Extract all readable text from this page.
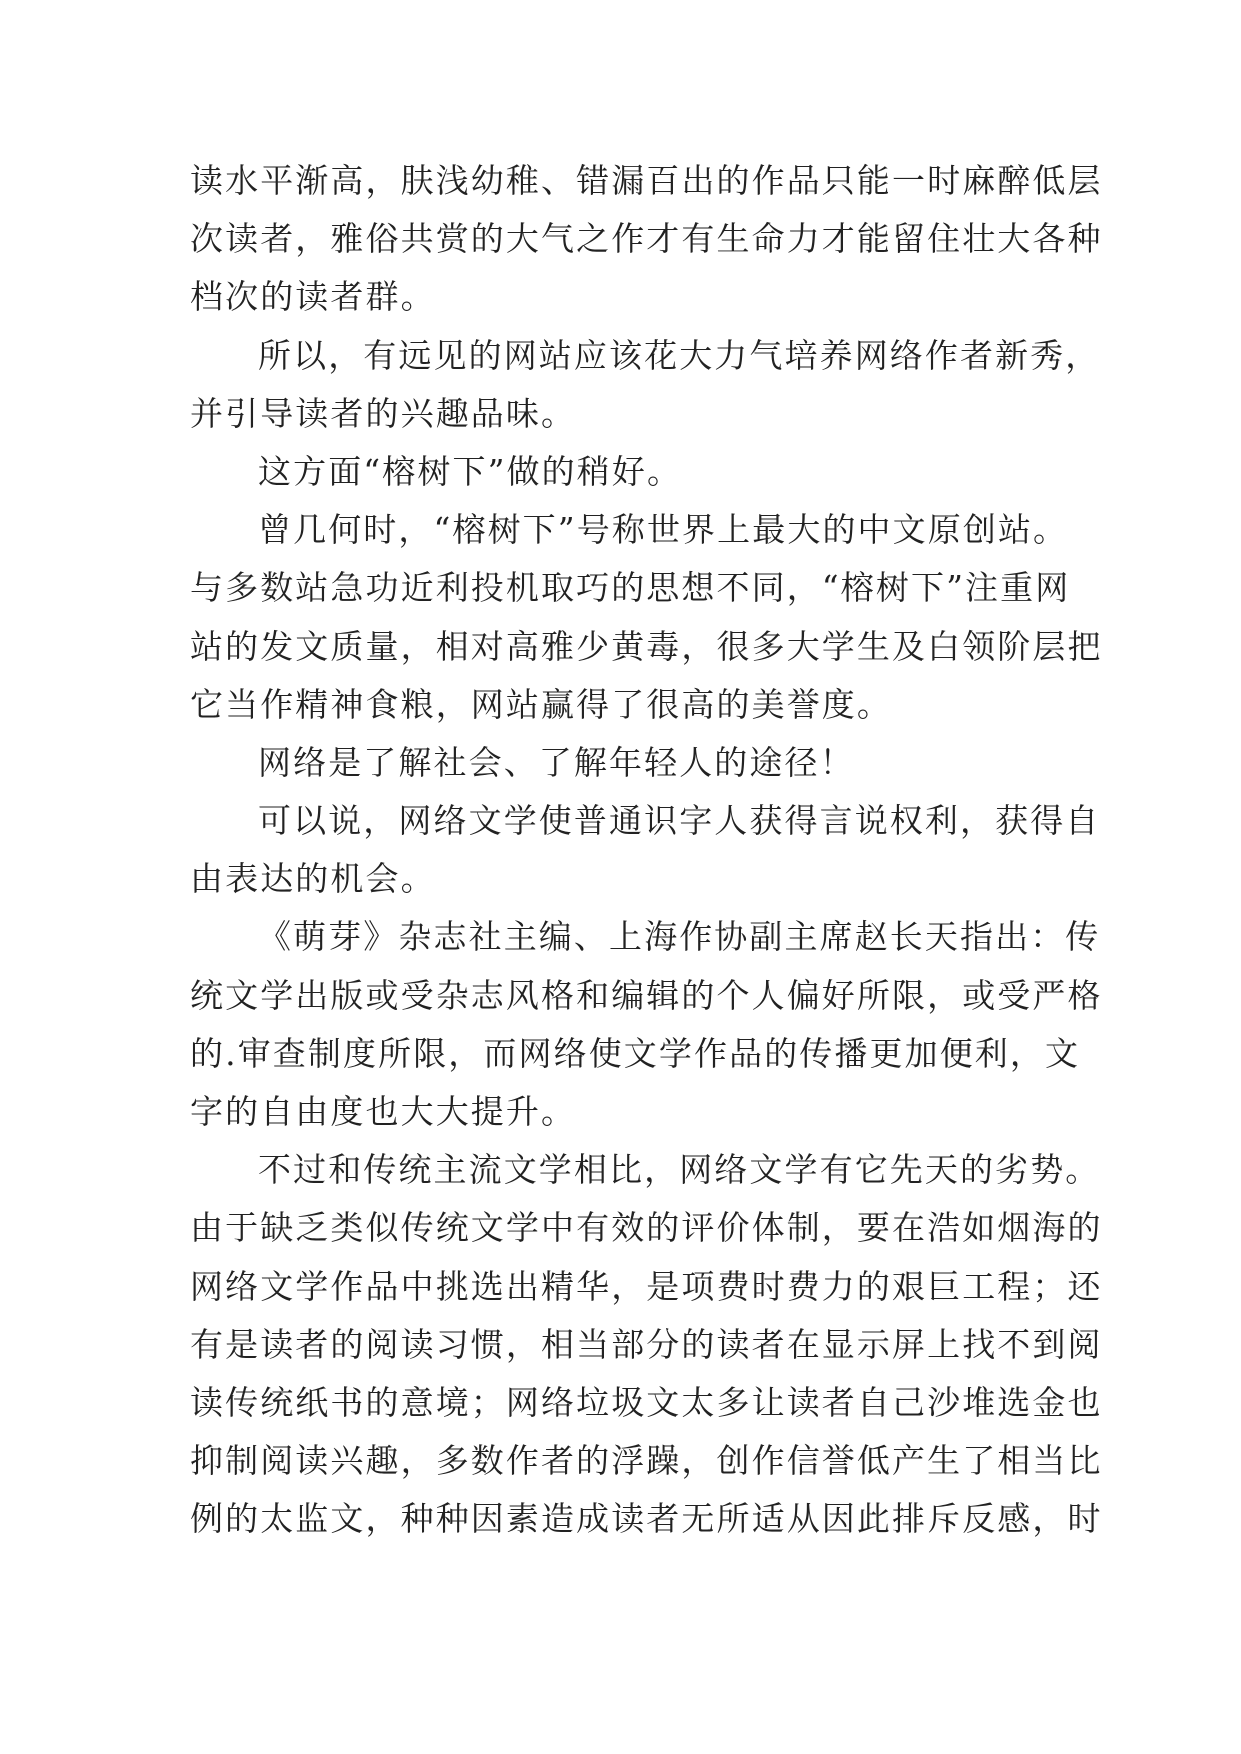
读水平渐高，肤浅幼稚、错漏百出的作品只能一时麻醉低层
次读者，雅俗共赏的大气之作才有生命力才能留住壮大各种
档次的读者群。
所以，有远见的网站应该花大力气培养网络作者新秀，
并引导读者的兴趣品味。
这方面“榕树下”做的稍好。
曾几何时，“榕树下”号称世界上最大的中文原创站。
与多数站急功近利投机取巧的思想不同，“榕树下”注重网
站的发文质量，相对高雅少黄毒，很多大学生及白领阶层把
它当作精神食粮，网站赢得了很高的美誉度。
网络是了解社会、了解年轻人的途径！
可以说，网络文学使普通识字人获得言说权利，获得自
由表达的机会。
《萌芽》杂志社主编、上海作协副主席赵长天指出：传
统文学出版或受杂志风格和编辑的个人偏好所限，或受严格
的.审查制度所限，而网络使文学作品的传播更加便利，文
字的自由度也大大提升。
不过和传统主流文学相比，网络文学有它先天的劣势。
由于缺乏类似传统文学中有效的评价体制，要在浩如烟海的
网络文学作品中挑选出精华，是项费时费力的艰巨工程；还
有是读者的阅读习惯，相当部分的读者在显示屏上找不到阅
读传统纸书的意境；网络垃圾文太多让读者自己沙堆选金也
抑制阅读兴趣，多数作者的浮躁，创作信誉低产生了相当比
例的太监文，种种因素造成读者无所适从因此排斥反感，时
